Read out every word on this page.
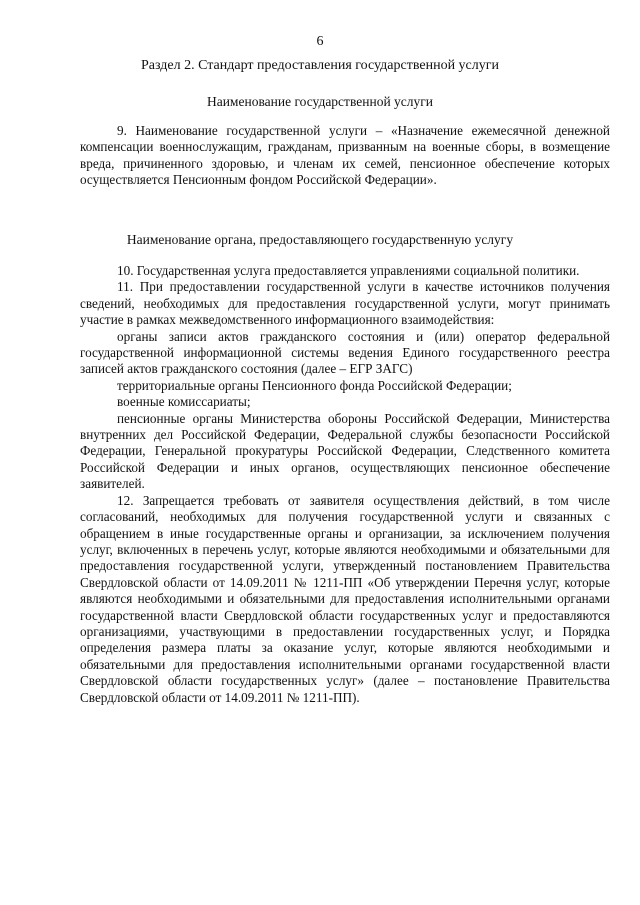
6
Раздел 2. Стандарт предоставления государственной услуги
Наименование государственной услуги

9. Наименование государственной услуги – «Назначение ежемесячной денежной компенсации военнослужащим, гражданам, призванным на военные сборы, в возмещение вреда, причиненного здоровью, и членам их семей, пенсионное обеспечение которых осуществляется Пенсионным фондом Российской Федерации».

Наименование органа, предоставляющего государственную услугу

10. Государственная услуга предоставляется управлениями социальной политики.

11. При предоставлении государственной услуги в качестве источников получения сведений, необходимых для предоставления государственной услуги, могут принимать участие в рамках межведомственного информационного взаимодействия:

органы записи актов гражданского состояния и (или) оператор федеральной государственной информационной системы ведения Единого государственного реестра записей актов гражданского состояния (далее – ЕГР ЗАГС)

территориальные органы Пенсионного фонда Российской Федерации;

военные комиссариаты;

пенсионные органы Министерства обороны Российской Федерации, Министерства внутренних дел Российской Федерации, Федеральной службы безопасности Российской Федерации, Генеральной прокуратуры Российской Федерации, Следственного комитета Российской Федерации и иных органов, осуществляющих пенсионное обеспечение заявителей.

12. Запрещается требовать от заявителя осуществления действий, в том числе согласований, необходимых для получения государственной услуги и связанных с обращением в иные государственные органы и организации, за исключением получения услуг, включенных в перечень услуг, которые являются необходимыми и обязательными для предоставления государственной услуги, утвержденный постановлением Правительства Свердловской области от 14.09.2011 № 1211-ПП «Об утверждении Перечня услуг, которые являются необходимыми и обязательными для предоставления исполнительными органами государственной власти Свердловской области государственных услуг и предоставляются организациями, участвующими в предоставлении государственных услуг, и Порядка определения размера платы за оказание услуг, которые являются необходимыми и обязательными для предоставления исполнительными органами государственной власти Свердловской области государственных услуг» (далее – постановление Правительства Свердловской области от 14.09.2011 № 1211-ПП).
